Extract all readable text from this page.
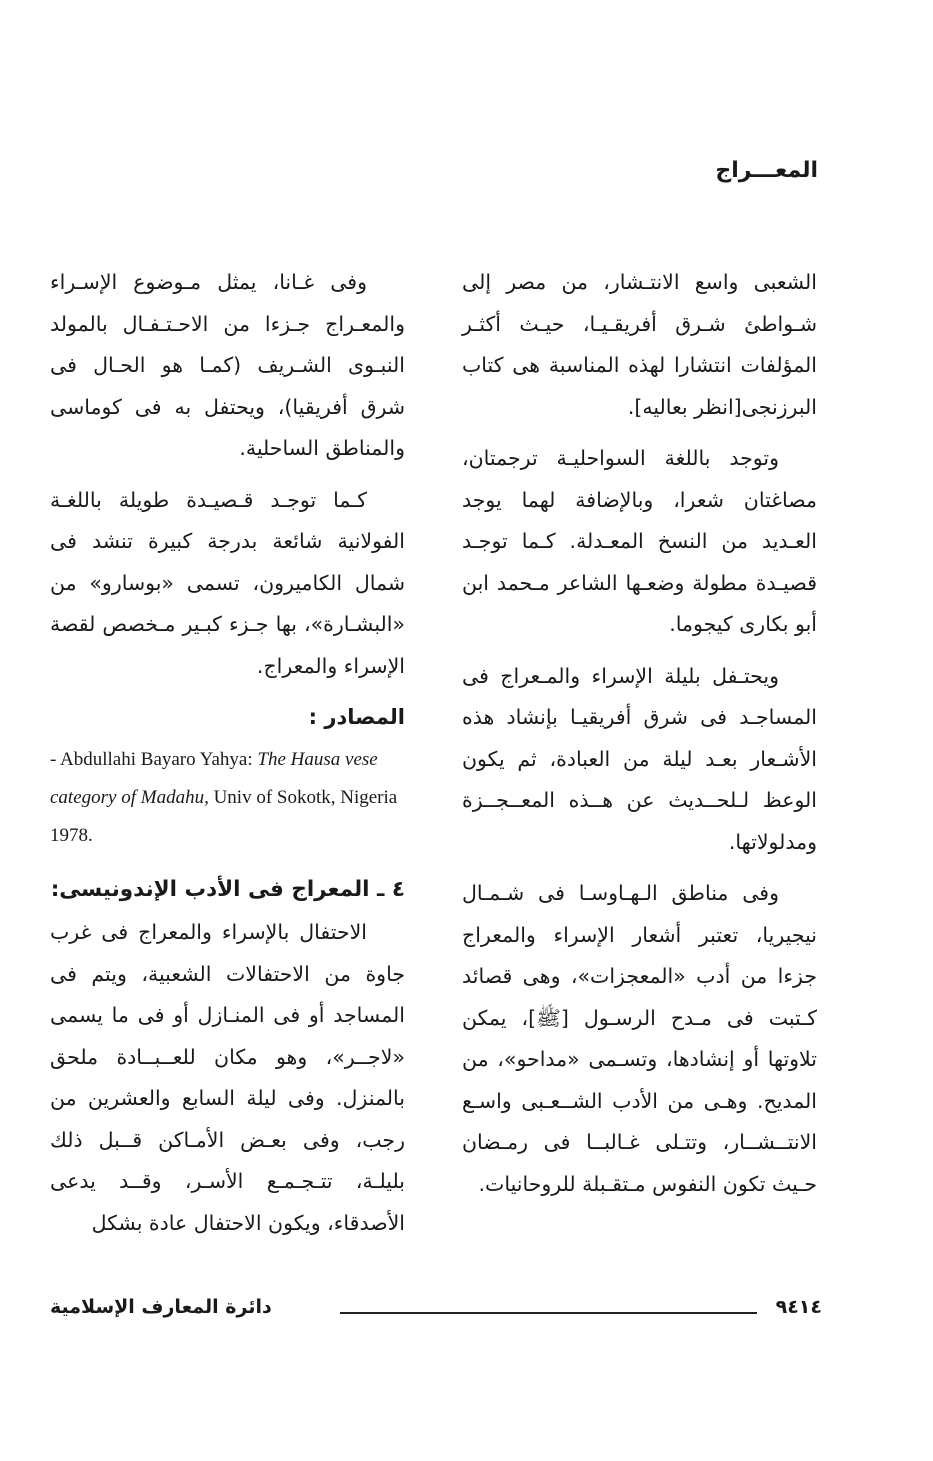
المعـــراج

الشعبى واسع الانتـشار، من مصر إلى شـواطئ شـرق أفريقـيـا، حيـث أكثـر المؤلفات انتشارا لهذه المناسبة هى كتاب البرزنجى[انظر بعاليه].

وتوجد باللغة السواحليـة ترجمتان، مصاغتان شعرا، وبالإضافة لهما يوجد العـديد من النسخ المعـدلة. كـما توجـد قصيـدة مطولة وضعـها الشاعر مـحمد ابن أبو بكارى كيجوما.

ويحتـفل بليلة الإسراء والمـعراج فى المساجـد فى شرق أفريقيـا بإنشاد هذه الأشـعار بعـد ليلة من العبادة، ثم يكون الوعظ لـلحــديث عن هــذه المعــجــزة ومدلولاتها.

وفى مناطق الـهـاوسـا فى شـمـال نيجيريا، تعتبر أشعار الإسراء والمعراج جزءا من أدب «المعجزات»، وهى قصائد كـتبت فى مـدح الرسـول [ﷺ]، يمكن تلاوتها أو إنشادها، وتسـمى «مداحو»، من المديح. وهـى من الأدب الشــعـبى واسـع الانتــشــار، وتتـلى غـالبــا فى رمـضان حـيث تكون النفوس مـتقـبلة للروحانيات.

وفى غـانا، يمثل مـوضوع الإسـراء والمعـراج جـزءا من الاحـتـفـال بالمولد النبـوى الشـريف (كمـا هو الحـال فى شرق أفريقيا)، ويحتفل به فى كوماسى والمناطق الساحلية.

كـما توجـد قـصيـدة طويلة باللغـة الفولانية شائعة بدرجة كبيرة تنشد فى شمال الكاميرون، تسمى «بوسارو» من «البشـارة»، بها جـزء كبـير مـخصص لقصة الإسراء والمعراج.

المصادر :
- Abdullahi Bayaro Yahya: The Hausa vese category of Madahu, Univ of Sokotk, Nigeria 1978.
٤ ـ المعراج فى الأدب الإندونيسى:

الاحتفال بالإسراء والمعراج فى غرب جاوة من الاحتفالات الشعبية، ويتم فى المساجد أو فى المنـازل أو فى ما يسمى «لاجــر»، وهو مكان للعــبــادة ملحق بالمنزل. وفى ليلة السابع والعشرين من رجب، وفى بعـض الأمـاكن قــبل ذلك بليلـة، تتـجـمـع الأسـر، وقــد يدعى الأصدقاء، ويكون الاحتفال عادة بشكل

٩٤١٤
دائرة المعارف الإسلامية
